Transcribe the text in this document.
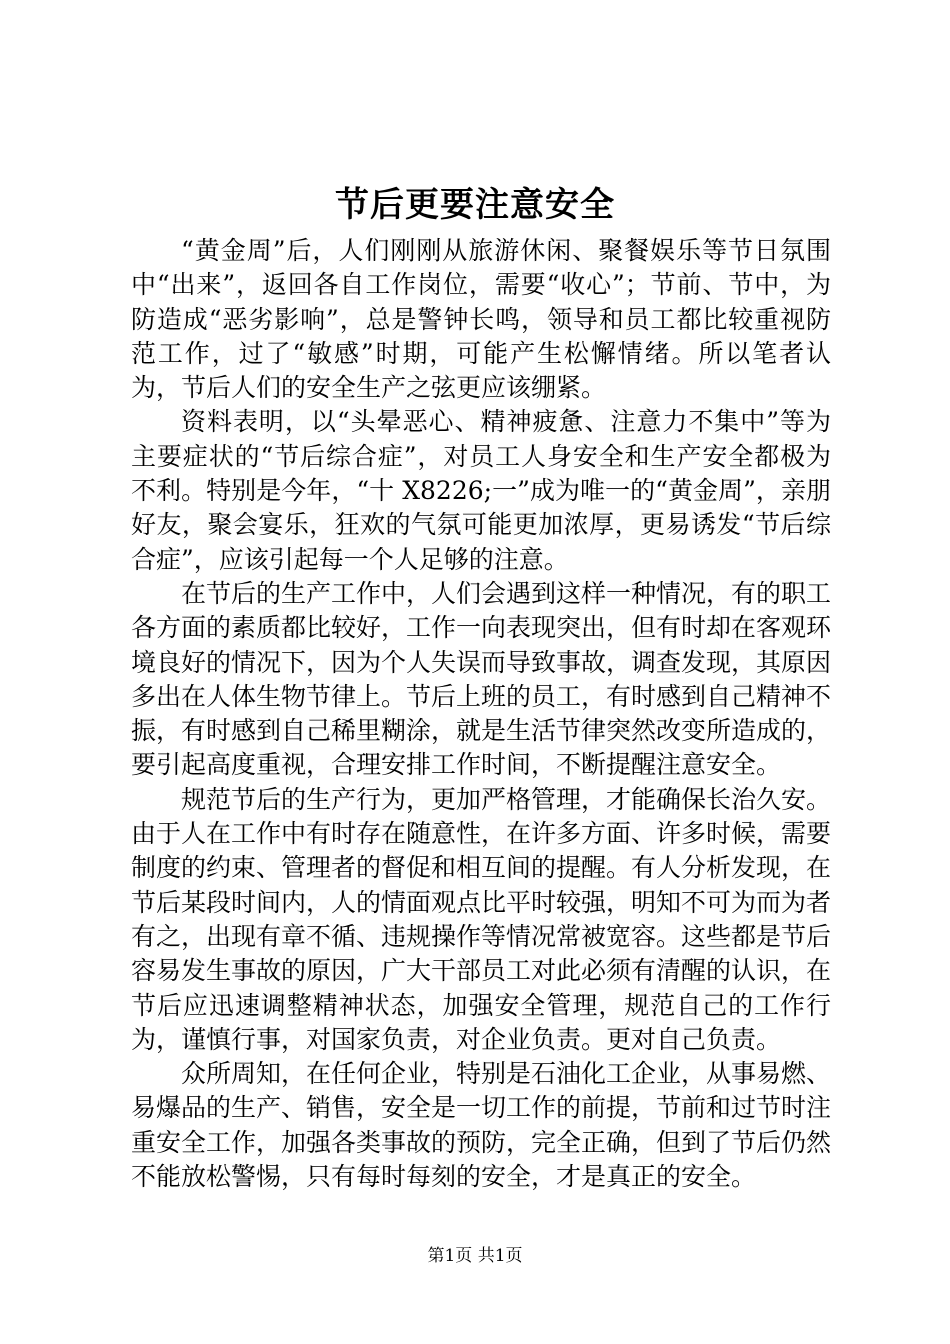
节后更要注意安全

“黄金周”后，人们刚刚从旅游休闲、聚餐娱乐等节日氛围中“出来”，返回各自工作岗位，需要“收心”；节前、节中，为防造成“恶劣影响”，总是警钟长鸣，领导和员工都比较重视防范工作，过了“敏感”时期，可能产生松懈情绪。所以笔者认为，节后人们的安全生产之弦更应该绷紧。

资料表明，以“头晕恶心、精神疲惫、注意力不集中”等为主要症状的“节后综合症”，对员工人身安全和生产安全都极为不利。特别是今年，“十 X8226;一”成为唯一的“黄金周”，亲朋好友，聚会宴乐，狂欢的气氛可能更加浓厚，更易诱发“节后综合症”，应该引起每一个人足够的注意。

在节后的生产工作中，人们会遇到这样一种情况，有的职工各方面的素质都比较好，工作一向表现突出，但有时却在客观环境良好的情况下，因为个人失误而导致事故，调查发现，其原因多出在人体生物节律上。节后上班的员工，有时感到自己精神不振，有时感到自己稀里糊涂，就是生活节律突然改变所造成的，要引起高度重视，合理安排工作时间，不断提醒注意安全。

规范节后的生产行为，更加严格管理，才能确保长治久安。由于人在工作中有时存在随意性，在许多方面、许多时候，需要制度的约束、管理者的督促和相互间的提醒。有人分析发现，在节后某段时间内，人的情面观点比平时较强，明知不可为而为者有之，出现有章不循、违规操作等情况常被宽容。这些都是节后容易发生事故的原因，广大干部员工对此必须有清醒的认识，在节后应迅速调整精神状态，加强安全管理，规范自己的工作行为，谨慎行事，对国家负责，对企业负责。更对自己负责。

众所周知，在任何企业，特别是石油化工企业，从事易燃、易爆品的生产、销售，安全是一切工作的前提，节前和过节时注重安全工作，加强各类事故的预防，完全正确，但到了节后仍然不能放松警惕，只有每时每刻的安全，才是真正的安全。

第1页 共1页
